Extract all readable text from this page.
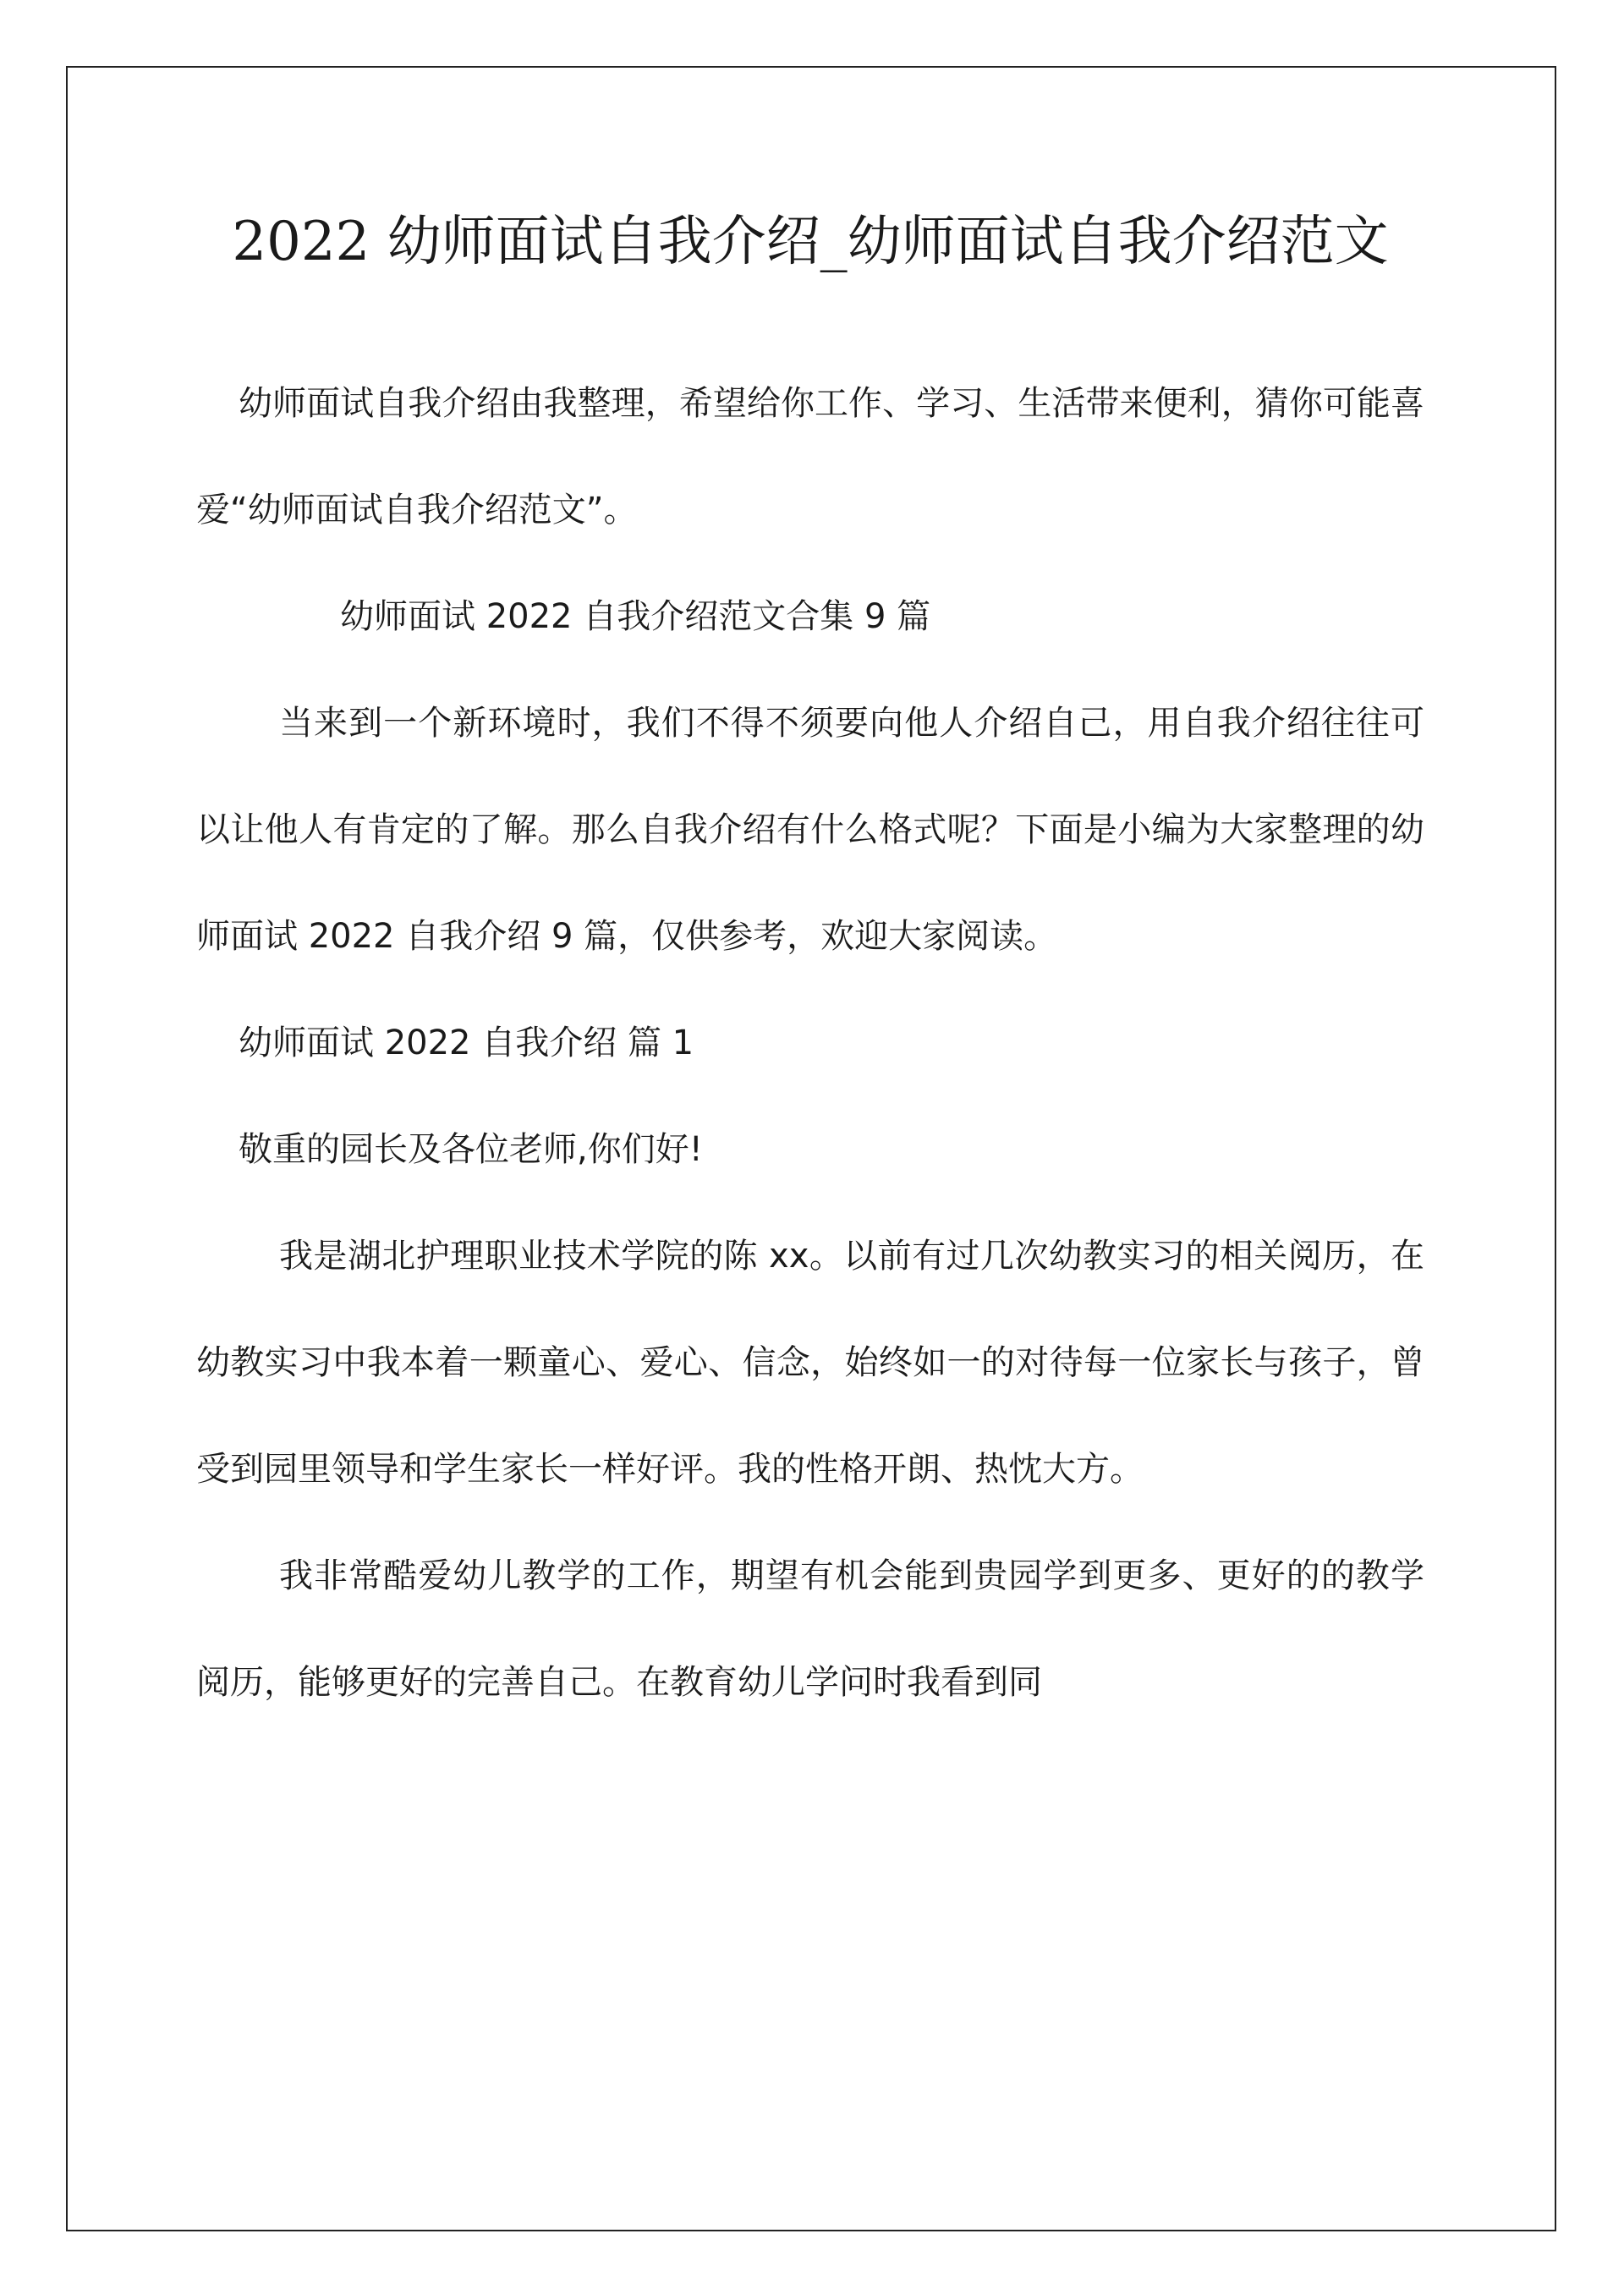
2022 幼师面试自我介绍_幼师面试自我介绍范文

幼师面试自我介绍由我整理，希望给你工作、学习、生活带来便利，猜你可能喜爱“幼师面试自我介绍范文”。

幼师面试 2022 自我介绍范文合集 9 篇

当来到一个新环境时，我们不得不须要向他人介绍自己，用自我介绍往往可以让他人有肯定的了解。那么自我介绍有什么格式呢？下面是小编为大家整理的幼师面试 2022 自我介绍 9 篇，仅供参考，欢迎大家阅读。

幼师面试 2022 自我介绍 篇 1

敬重的园长及各位老师,你们好!

我是湖北护理职业技术学院的陈 xx。以前有过几次幼教实习的相关阅历，在幼教实习中我本着一颗童心、爱心、信念，始终如一的对待每一位家长与孩子，曾受到园里领导和学生家长一样好评。我的性格开朗、热忱大方。

我非常酷爱幼儿教学的工作，期望有机会能到贵园学到更多、更好的的教学阅历，能够更好的完善自己。在教育幼儿学问时我看到同
